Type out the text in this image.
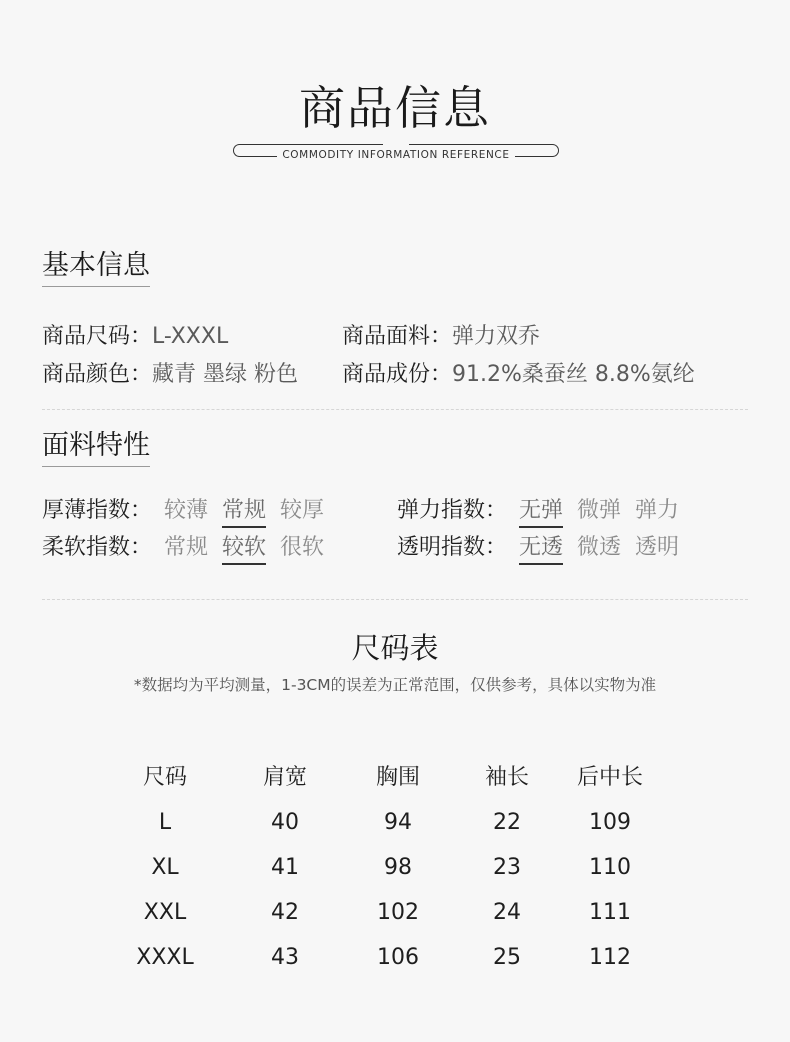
商品信息
COMMODITY INFORMATION REFERENCE
基本信息
商品尺码：L-XXXL	商品面料：弹力双乔
商品颜色：藏青 墨绿 粉色 商品成份：91.2%桑蚕丝 8.8%氨纶
面料特性
厚薄指数： 较薄 常规 较厚	弹力指数： 无弹 微弹 弹力
柔软指数： 常规 较软 很软	透明指数： 无透 微透 透明
尺码表
*数据均为平均测量，1-3CM的误差为正常范围，仅供参考，具体以实物为准
尺码	肩宽	胸围	袖长	后中长
L	40	94	22	109
XL	41	98	23	110
XXL	42	102	24	111
XXXL	43	106	25	112
